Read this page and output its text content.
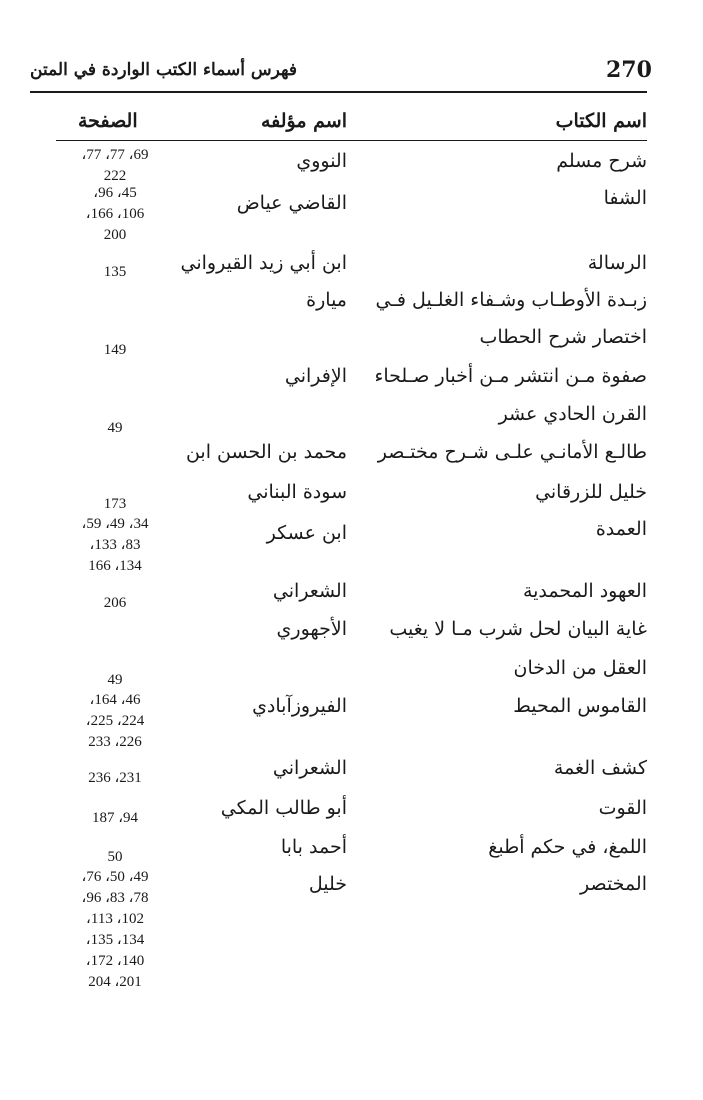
270
فهرس أسماء الكتب الواردة في المتن
اسم الكتاب
اسم مؤلفه
الصفحة
شرح مسلم
الشفا
الرسالة
زبـدة الأوطـاب وشـفاء الغلـيل فـي
اختصار شرح الحطاب
صفوة مـن انتشر مـن أخبار صـلحاء
القرن الحادي عشر
طالـع الأمانـي علـى شـرح مختـصر
خليل للزرقاني
العمدة
العهود المحمدية
غاية البيان لحل شرب مـا لا يغيب
العقل من الدخان
القاموس المحيط
كشف الغمة
القوت
اللمغ، في حكم أطبغ
المختصر
النووي
القاضي عياض
ابن أبي زيد القيرواني
ميارة
الإفراني
محمد بن الحسن ابن
سودة البناني
ابن عسكر
الشعراني
الأجهوري
الفيروزآبادي
الشعراني
أبو طالب المكي
أحمد بابا
خليل
69، 77، 77،
222
45، 96،
106، 166،
200
135
149
49
173
34، 49، 59،
83، 133،
134، 166
206
49
46، 164،
224، 225،
226، 233
231، 236
94، 187
50
49، 50، 76،
78، 83، 96،
102، 113،
134، 135،
140، 172،
201، 204
